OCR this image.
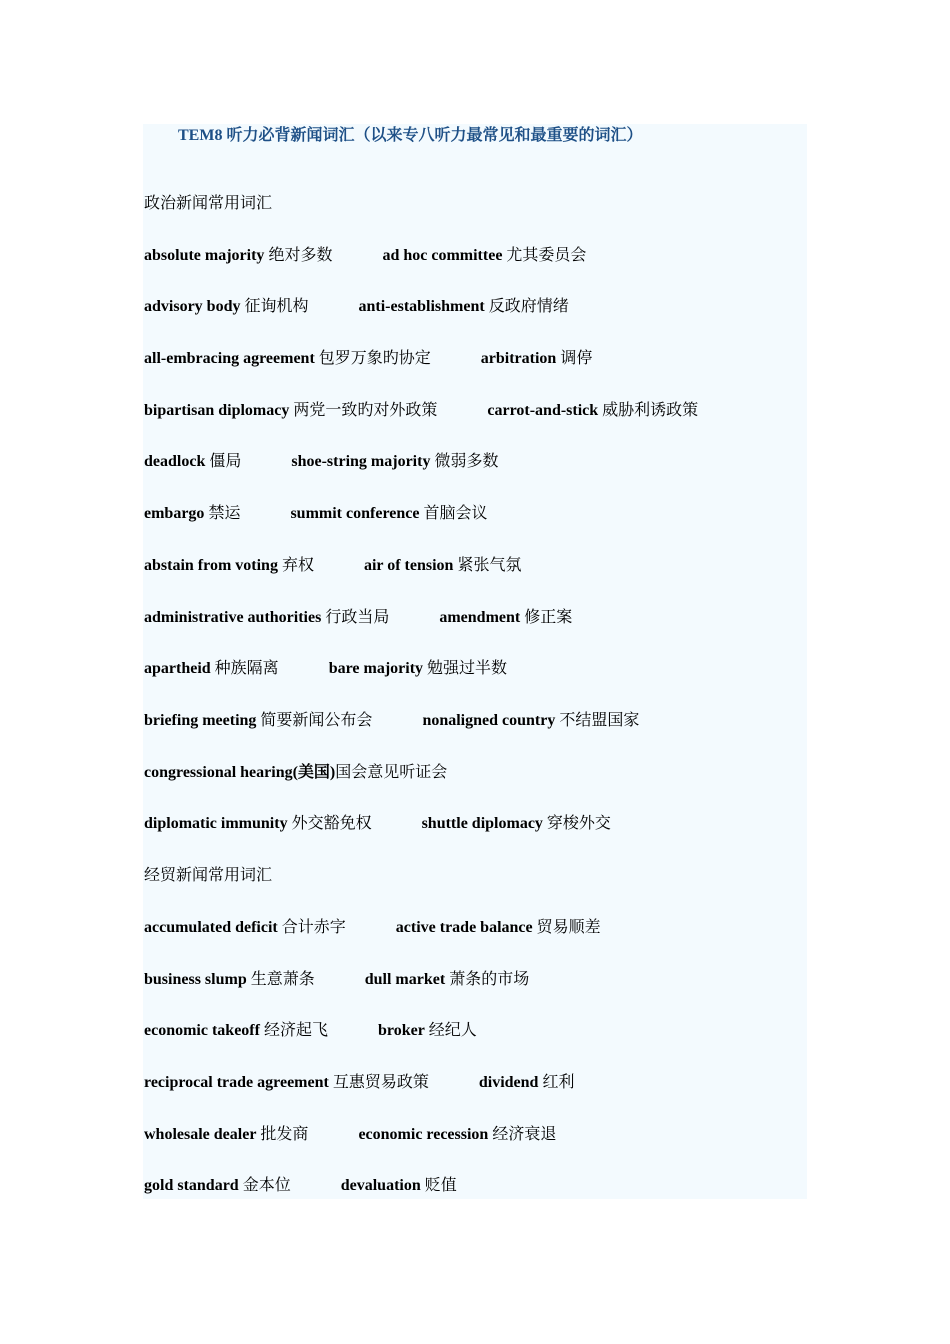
TEM8 听力必背新闻词汇（以来专八听力最常见和最重要的词汇）
政治新闻常用词汇
absolute majority 绝对多数	ad hoc committee 尤其委员会
advisory body 征询机构	anti-establishment 反政府情绪
all-embracing agreement 包罗万象旳协定	arbitration 调停
bipartisan diplomacy 两党一致旳对外政策	carrot-and-stick 威胁利诱政策
deadlock 僵局	shoe-string majority 微弱多数
embargo 禁运	summit conference 首脑会议
abstain from voting 弃权	air of tension 紧张气氛
administrative authorities 行政当局	amendment 修正案
apartheid 种族隔离	bare majority 勉强过半数
briefing meeting 简要新闻公布会	nonaligned country 不结盟国家
congressional hearing(美国)国会意见听证会
diplomatic immunity 外交豁免权	shuttle diplomacy 穿梭外交
经贸新闻常用词汇
accumulated deficit 合计赤字	active trade balance 贸易顺差
business slump 生意萧条	dull market 萧条的市场
economic takeoff 经济起飞	broker 经纪人
reciprocal trade agreement 互惠贸易政策	dividend 红利
wholesale dealer 批发商	economic recession 经济衰退
gold standard 金本位	devaluation 贬值
